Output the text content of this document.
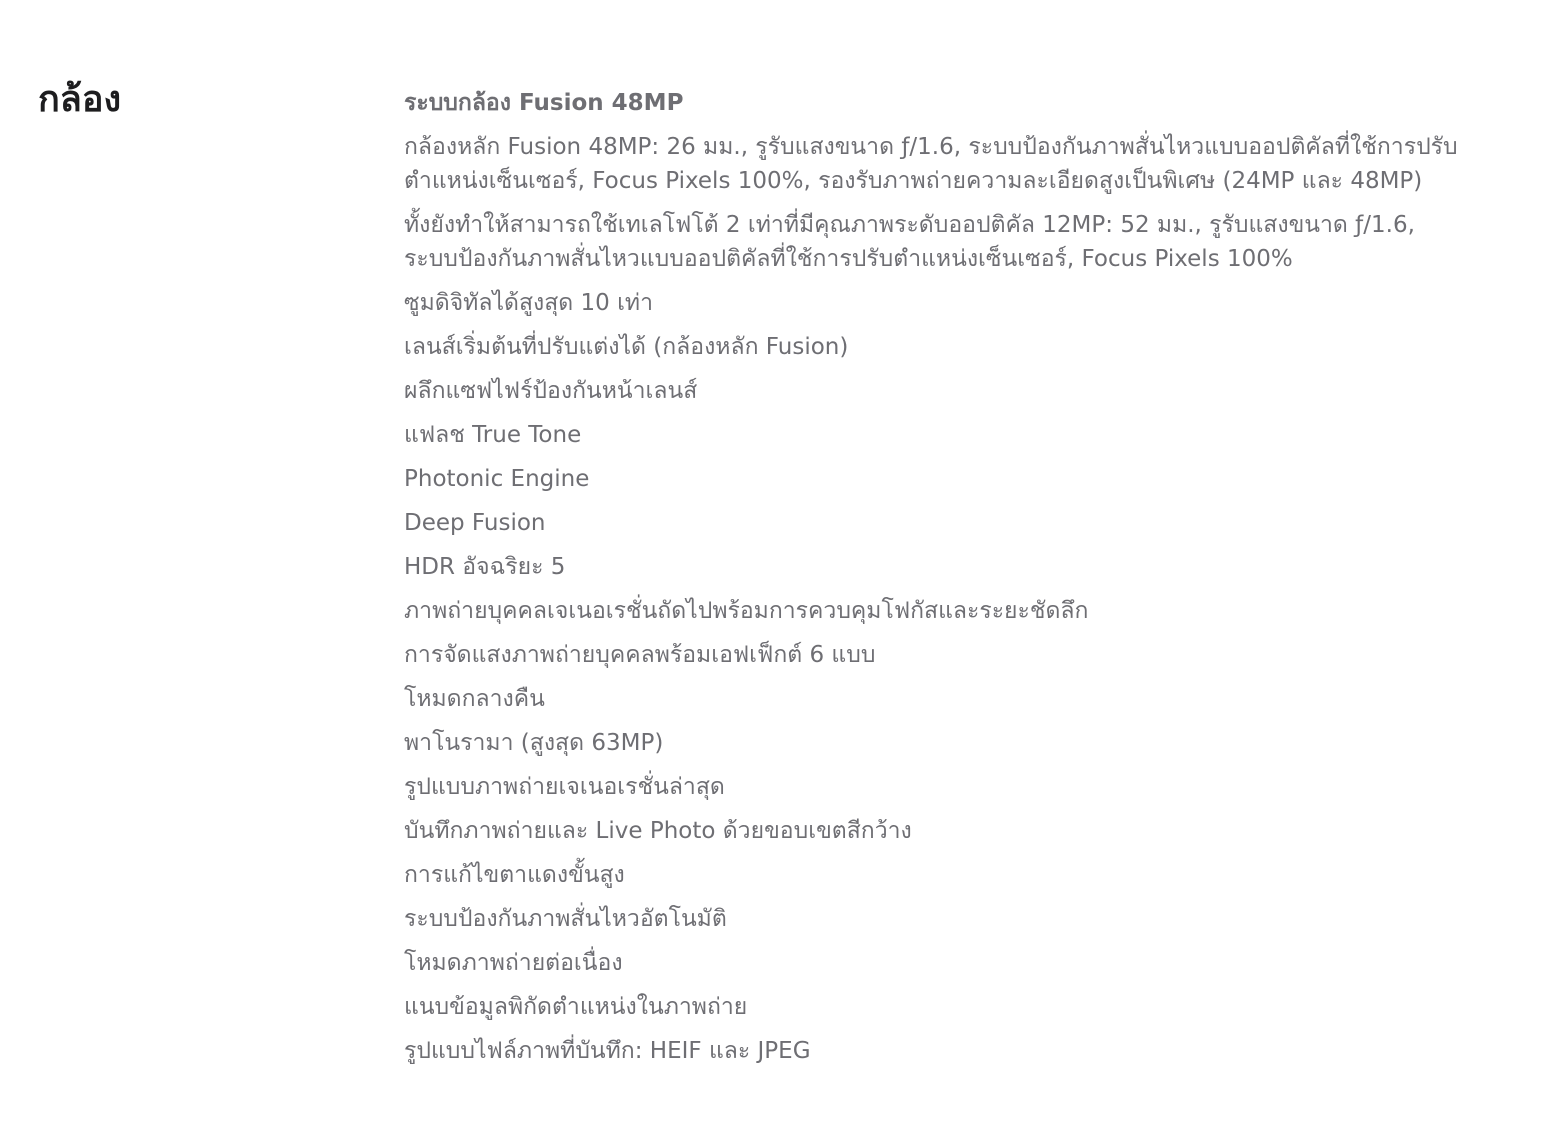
กล้อง	ระบบกล้อง Fusion 48MP
กล้องหลัก Fusion 48MP: 26 มม., รูรับแสงขนาด ƒ/1.6, ระบบป้องกันภาพสั่นไหวแบบออปติคัลที่ใช้การปรับ
ตำแหน่งเซ็นเซอร์, Focus Pixels 100%, รองรับภาพถ่ายความละเอียดสูงเป็นพิเศษ (24MP และ 48MP)
ทั้งยังทำให้สามารถใช้เทเลโฟโต้ 2 เท่าที่มีคุณภาพระดับออปติคัล 12MP: 52 มม., รูรับแสงขนาด ƒ/1.6,
ระบบป้องกันภาพสั่นไหวแบบออปติคัลที่ใช้การปรับตำแหน่งเซ็นเซอร์, Focus Pixels 100%
ซูมดิจิทัลได้สูงสุด 10 เท่า
เลนส์เริ่มต้นที่ปรับแต่งได้ (กล้องหลัก Fusion)
ผลึกแซฟไฟร์ป้องกันหน้าเลนส์
แฟลช True Tone
Photonic Engine
Deep Fusion
HDR อัจฉริยะ 5
ภาพถ่ายบุคคลเจเนอเรชั่นถัดไปพร้อมการควบคุมโฟกัสและระยะชัดลึก
การจัดแสงภาพถ่ายบุคคลพร้อมเอฟเฟ็กต์ 6 แบบ
โหมดกลางคืน
พาโนรามา (สูงสุด 63MP)
รูปแบบภาพถ่ายเจเนอเรชั่นล่าสุด
บันทึกภาพถ่ายและ Live Photo ด้วยขอบเขตสีกว้าง
การแก้ไขตาแดงขั้นสูง
ระบบป้องกันภาพสั่นไหวอัตโนมัติ
โหมดภาพถ่ายต่อเนื่อง
แนบข้อมูลพิกัดตำแหน่งในภาพถ่าย
รูปแบบไฟล์ภาพที่บันทึก: HEIF และ JPEG
